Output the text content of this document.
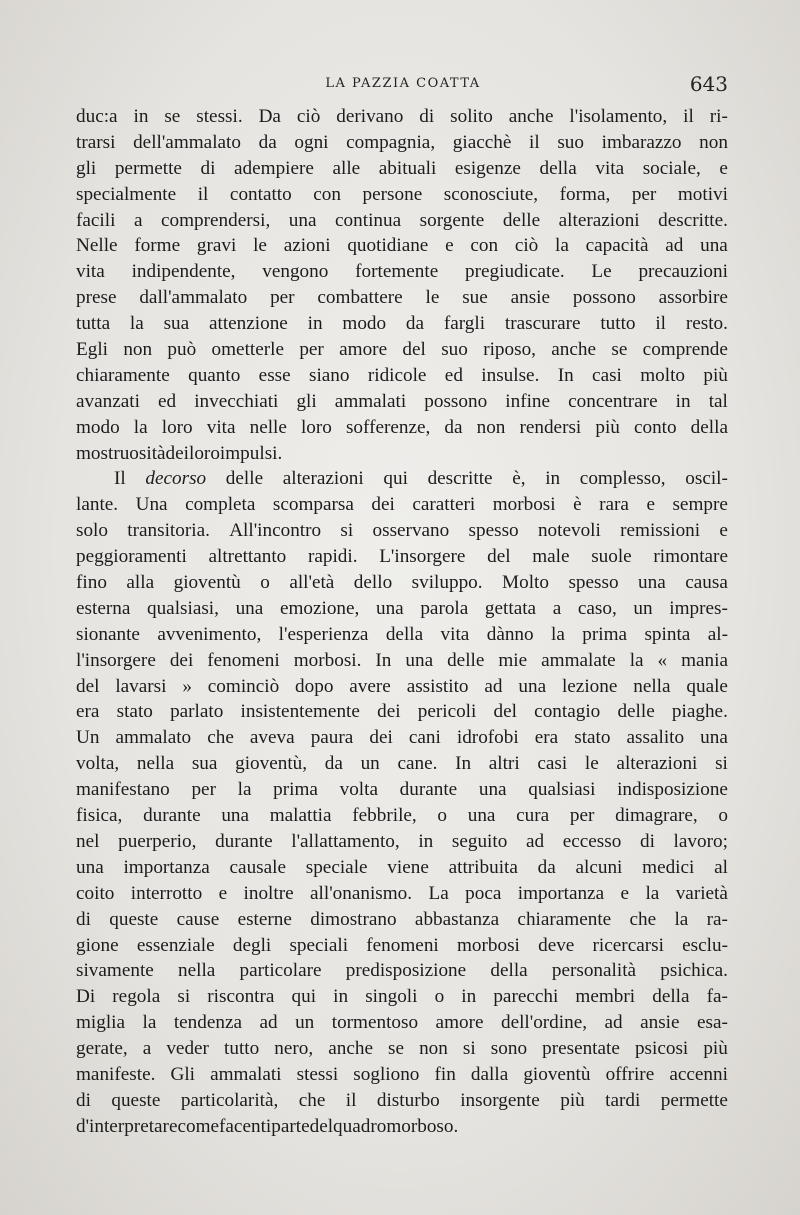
LA PAZZIA COATTA	643
duc:a in se stessi. Da ciò derivano di solito anche l'isolamento, il ri-
trarsi dell'ammalato da ogni compagnia, giacchè il suo imbarazzo non
gli permette di adempiere alle abituali esigenze della vita sociale, e
specialmente il contatto con persone sconosciute, forma, per motivi
facili a comprendersi, una continua sorgente delle alterazioni descritte.
Nelle forme gravi le azioni quotidiane e con ciò la capacità ad una
vita indipendente, vengono fortemente pregiudicate. Le precauzioni
prese dall'ammalato per combattere le sue ansie possono assorbire
tutta la sua attenzione in modo da fargli trascurare tutto il resto.
Egli non può ometterle per amore del suo riposo, anche se comprende
chiaramente quanto esse siano ridicole ed insulse. In casi molto più
avanzati ed invecchiati gli ammalati possono infine concentrare in tal
modo la loro vita nelle loro sofferenze, da non rendersi più conto della
mostruosità dei loro impulsi.
Il decorso delle alterazioni qui descritte è, in complesso, oscil-
lante. Una completa scomparsa dei caratteri morbosi è rara e sempre
solo transitoria. All'incontro si osservano spesso notevoli remissioni e
peggioramenti altrettanto rapidi. L'insorgere del male suole rimontare
fino alla gioventù o all'età dello sviluppo. Molto spesso una causa
esterna qualsiasi, una emozione, una parola gettata a caso, un impres-
sionante avvenimento, l'esperienza della vita dànno la prima spinta al-
l'insorgere dei fenomeni morbosi. In una delle mie ammalate la « mania
del lavarsi » cominciò dopo avere assistito ad una lezione nella quale
era stato parlato insistentemente dei pericoli del contagio delle piaghe.
Un ammalato che aveva paura dei cani idrofobi era stato assalito una
volta, nella sua gioventù, da un cane. In altri casi le alterazioni si
manifestano per la prima volta durante una qualsiasi indisposizione
fisica, durante una malattia febbrile, o una cura per dimagrare, o
nel puerperio, durante l'allattamento, in seguito ad eccesso di lavoro;
una importanza causale speciale viene attribuita da alcuni medici al
coito interrotto e inoltre all'onanismo. La poca importanza e la varietà
di queste cause esterne dimostrano abbastanza chiaramente che la ra-
gione essenziale degli speciali fenomeni morbosi deve ricercarsi esclu-
sivamente nella particolare predisposizione della personalità psichica.
Di regola si riscontra qui in singoli o in parecchi membri della fa-
miglia la tendenza ad un tormentoso amore dell'ordine, ad ansie esa-
gerate, a veder tutto nero, anche se non si sono presentate psicosi più
manifeste. Gli ammalati stessi sogliono fin dalla gioventù offrire accenni
di queste particolarità, che il disturbo insorgente più tardi permette
d'interpretare come facenti parte del quadro morboso.
